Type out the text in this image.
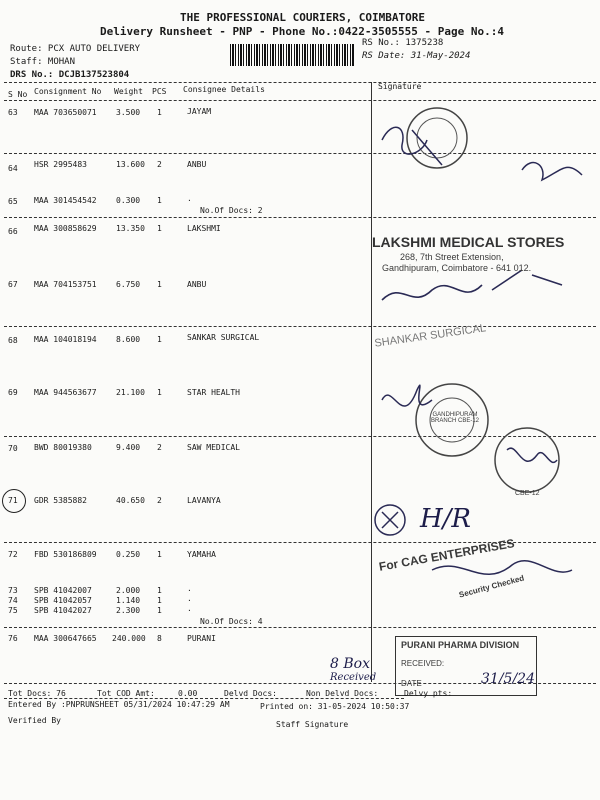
THE PROFESSIONAL COURIERS, COIMBATORE
Delivery Runsheet - PNP - Phone No.:0422-3505555 - Page No.:4
Route: PCX AUTO DELIVERY
Staff: MOHAN
DRS No.: DCJB137523804
RS No.: 1375238
RS Date: 31-May-2024
S No Consignment No Weight PCS Consignee Details	Signature
63 MAA 703650071 3.500 1	JAYAM
64 HSR 2995483	13.600 2	ANBU
65 MAA 301454542 0.300 1	.
No.Of Docs: 2
66 MAA 300858629 13.350 1	LAKSHMI
67 MAA 704153751 6.750 1	ANBU
68 MAA 104018194 8.600 1	SANKAR SURGICAL
69 MAA 944563677 21.100 1	STAR HEALTH
70 BWD 80019380	9.400 2	SAW MEDICAL
71 GDR 5385882	40.650 2	LAVANYA
72 FBD 530186809 0.250 1	YAMAHA
73 SPB 41042007	2.000 1	.
74 SPB 41042057	1.140 1	.
75 SPB 41042027	2.300 1	.
No.Of Docs: 4
76 MAA 300647665 240.000 8	PURANI
LAKSHMI MEDICAL STORES
268, 7th Street Extension,
Gandhipuram, Coimbatore - 641 012.
SHANKAR SURGICAL
GANDHIPURAM BRANCH CBE-12
CBE-12
For CAG ENTERPRISES
Security Checked
H/R
PURANI PHARMA DIVISION
RECEIVED:
DATE	31/5/24
8 Box
Received
Tot Docs: 76	Tot COD Amt:	0.00	Delvd Docs:	Non Delvd Docs:	Delvy pts:
Entered By :PNPRUNSHEET 05/31/2024 10:47:29 AM	Printed on: 31-05-2024 10:50:37
Verified By	Staff Signature
